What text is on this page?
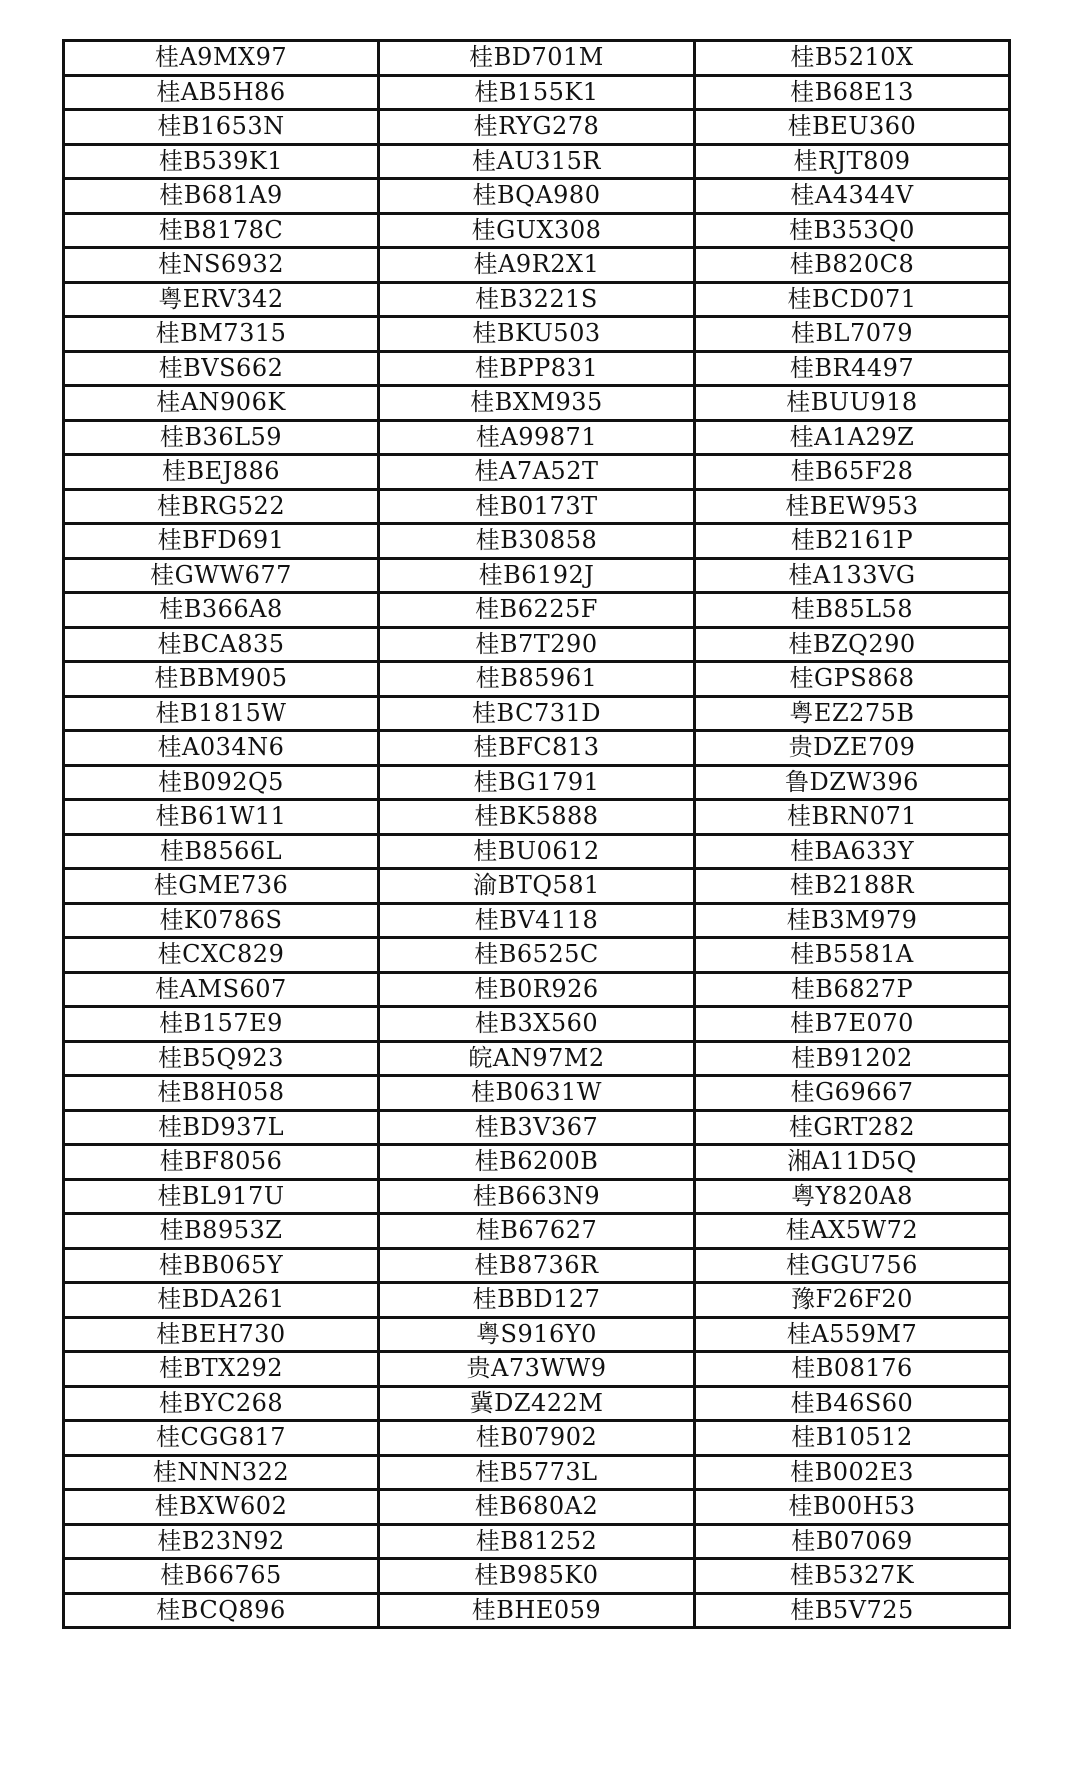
桂A9MX97	桂BD701M	桂B5210X
桂AB5H86	桂B155K1	桂B68E13
桂B1653N	桂RYG278	桂BEU360
桂B539K1	桂AU315R	桂RJT809
桂B681A9	桂BQA980	桂A4344V
桂B8178C	桂GUX308	桂B353Q0
桂NS6932	桂A9R2X1	桂B820C8
粤ERV342	桂B3221S	桂BCD071
桂BM7315	桂BKU503	桂BL7079
桂BVS662	桂BPP831	桂BR4497
桂AN906K	桂BXM935	桂BUU918
桂B36L59	桂A99871	桂A1A29Z
桂BEJ886	桂A7A52T	桂B65F28
桂BRG522	桂B0173T	桂BEW953
桂BFD691	桂B30858	桂B2161P
桂GWW677	桂B6192J	桂A133VG
桂B366A8	桂B6225F	桂B85L58
桂BCA835	桂B7T290	桂BZQ290
桂BBM905	桂B85961	桂GPS868
桂B1815W	桂BC731D	粤EZ275B
桂A034N6	桂BFC813	贵DZE709
桂B092Q5	桂BG1791	鲁DZW396
桂B61W11	桂BK5888	桂BRN071
桂B8566L	桂BU0612	桂BA633Y
桂GME736	渝BTQ581	桂B2188R
桂K0786S	桂BV4118	桂B3M979
桂CXC829	桂B6525C	桂B5581A
桂AMS607	桂B0R926	桂B6827P
桂B157E9	桂B3X560	桂B7E070
桂B5Q923	皖AN97M2	桂B91202
桂B8H058	桂B0631W	桂G69667
桂BD937L	桂B3V367	桂GRT282
桂BF8056	桂B6200B	湘A11D5Q
桂BL917U	桂B663N9	粤Y820A8
桂B8953Z	桂B67627	桂AX5W72
桂BB065Y	桂B8736R	桂GGU756
桂BDA261	桂BBD127	豫F26F20
桂BEH730	粤S916Y0	桂A559M7
桂BTX292	贵A73WW9	桂B08176
桂BYC268	冀DZ422M	桂B46S60
桂CGG817	桂B07902	桂B10512
桂NNN322	桂B5773L	桂B002E3
桂BXW602	桂B680A2	桂B00H53
桂B23N92	桂B81252	桂B07069
桂B66765	桂B985K0	桂B5327K
桂BCQ896	桂BHE059	桂B5V725
